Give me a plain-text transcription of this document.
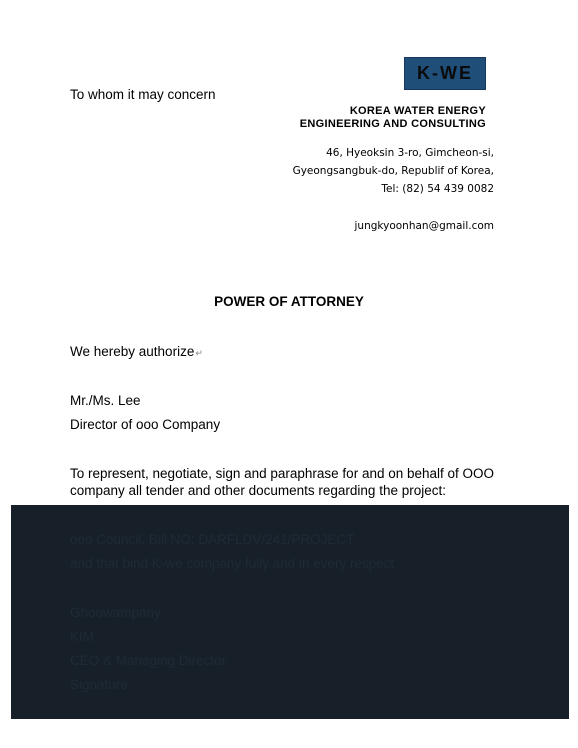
To whom it may concern
K-WE
KOREA WATER ENERGY
ENGINEERING AND CONSULTING
46, Hyeoksin 3-ro, Gimcheon-si,
Gyeongsangbuk-do, Republif of Korea,
Tel: (82) 54 439 0082
jungkyoonhan@gmail.com
POWER OF ATTORNEY
We hereby authorize↵
Mr./Ms. Lee
Director of ooo Company
To represent, negotiate, sign and paraphrase for and on behalf of OOO
company all tender and other documents regarding the project:
ooo Council, Bill NO: DARFLDV/241/PROJECT
and that bind K-we company fully and in every respect
Ghoowampany
KIM
CEO & Managing Director
Signature
